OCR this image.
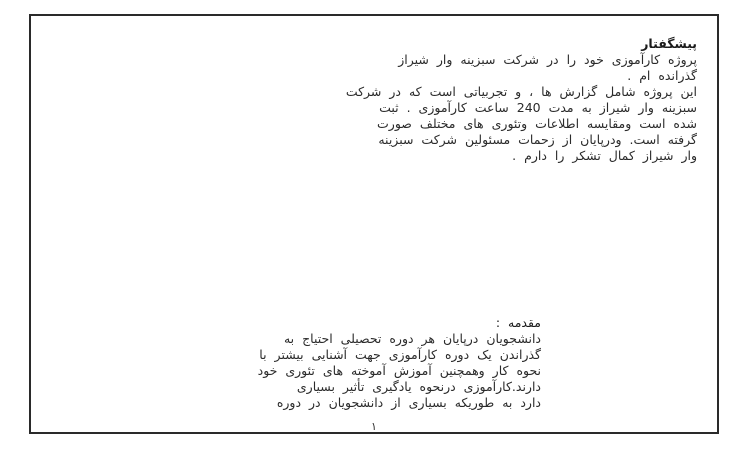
پیشگفتار
پروژه کارآموزی خود را در شرکت سبزینه وار شیراز
گذرانده ام .
این پروژه شامل گزارش ها ، و تجربیاتی است که در شرکت
سبزینه وار شیراز به مدت 240 ساعت کارآموزی . ثبت
شده است ومقایسه اطلاعات وتئوری های مختلف صورت
گرفته است. ودرپایان از زحمات مسئولین شرکت سبزینه
وار شیراز کمال تشکر را دارم .
مقدمه :
دانشجویان درپایان هر دوره تحصیلی احتیاج به
گذراندن یک دوره کارآموزی جهت آشنایی بیشتر با
نحوه کار وهمچنین آموزش آموخته های تئوری خود
دارند.کارآموزی درنحوه یادگیری تأثیر بسیاری
دارد به طوریکه بسیاری از دانشجویان در دوره
۱
